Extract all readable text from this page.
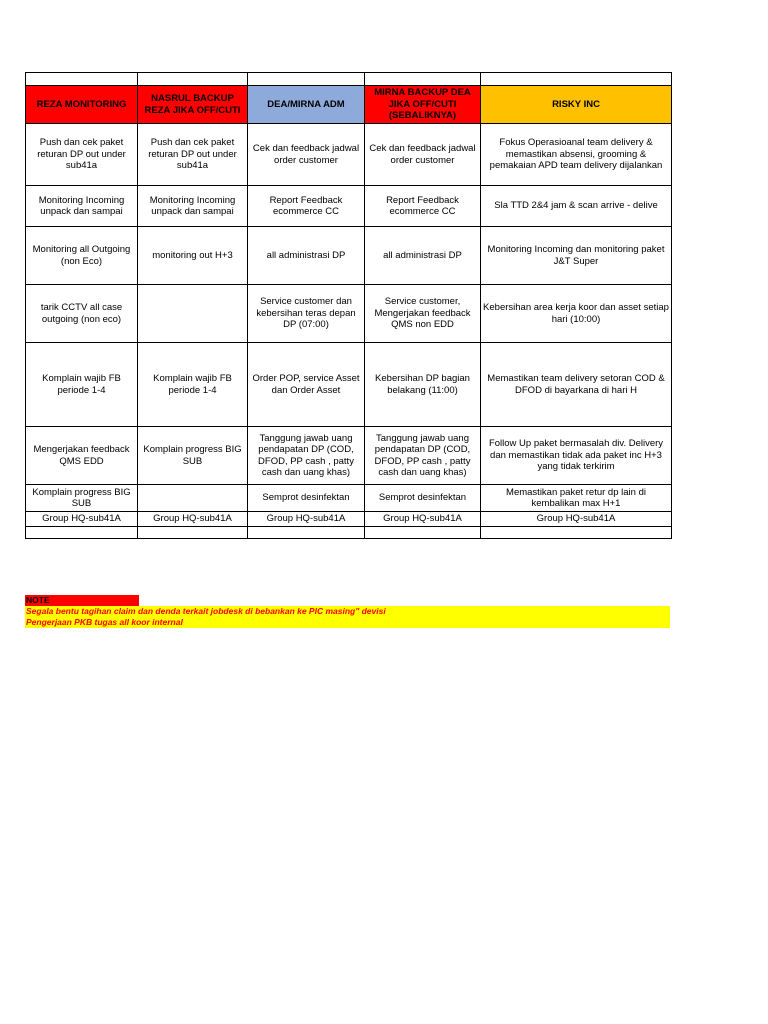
REZA MONITORING	NASRUL BACKUP REZA JIKA OFF/CUTI	DEA/MIRNA ADM	MIRNA BACKUP DEA JIKA OFF/CUTI (SEBALIKNYA)	RISKY INC
Push dan cek paket returan DP out under sub41a	Push dan cek paket returan DP out under sub41a	Cek dan feedback jadwal order customer	Cek dan feedback jadwal order customer	Fokus Operasioanal team delivery & memastikan absensi, grooming & pemakaian APD team delivery dijalankan
Monitoring Incoming unpack dan sampai	Monitoring Incoming unpack dan sampai	Report Feedback ecommerce CC	Report Feedback ecommerce CC	Sla TTD 2&4 jam & scan arrive - delive
Monitoring all Outgoing (non Eco)	monitoring out H+3	all administrasi DP	all administrasi DP	Monitoring Incoming dan monitoring paket J&T Super
tarik CCTV all case outgoing (non eco)		Service customer dan kebersihan teras depan DP (07:00)	Service customer, Mengerjakan feedback QMS non EDD	Kebersihan area kerja koor dan asset setiap hari (10:00)
Komplain wajib FB periode 1-4	Komplain wajib FB periode 1-4	Order POP, service Asset dan Order Asset	Kebersihan DP bagian belakang (11:00)	Memastikan team delivery setoran COD & DFOD di bayarkana di hari H
Mengerjakan feedback QMS EDD	Komplain progress BIG SUB	Tanggung jawab uang pendapatan DP (COD, DFOD, PP cash , patty cash dan uang khas)	Tanggung jawab uang pendapatan DP (COD, DFOD, PP cash , patty cash dan uang khas)	Follow Up paket bermasalah div. Delivery dan memastikan tidak ada paket inc H+3 yang tidak terkirim
Komplain progress BIG SUB		Semprot desinfektan	Semprot desinfektan	Memastikan paket retur dp lain di kembalikan max H+1
Group HQ-sub41A	Group HQ-sub41A	Group HQ-sub41A	Group HQ-sub41A	Group HQ-sub41A

NOTE
Segala bentu tagihan claim dan denda terkait jobdesk di bebankan ke PIC masing" devisi
Pengerjaan PKB tugas all koor internal
